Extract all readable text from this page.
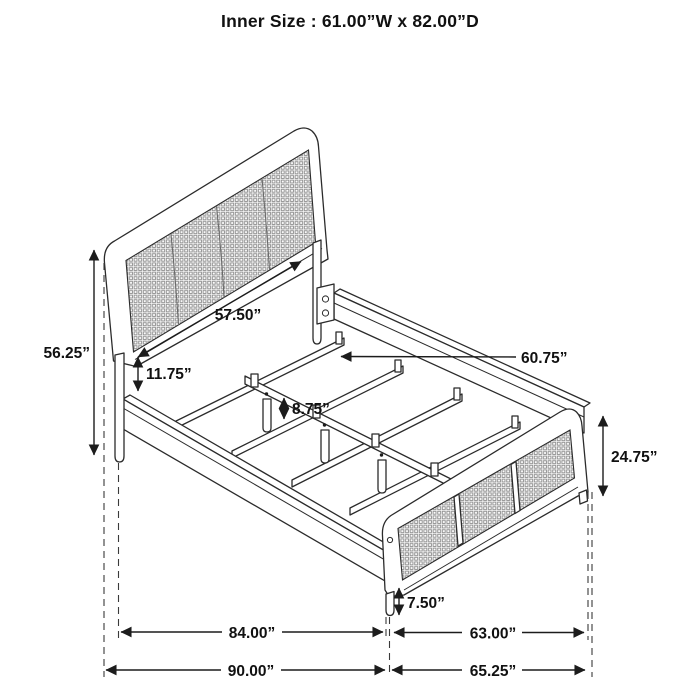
56.25”
57.50”
11.75”
8.75”
60.75”
24.75”
7.50”
84.00”	63.00”
90.00”	65.25”
Inner Size : 61.00”W x 82.00”D
